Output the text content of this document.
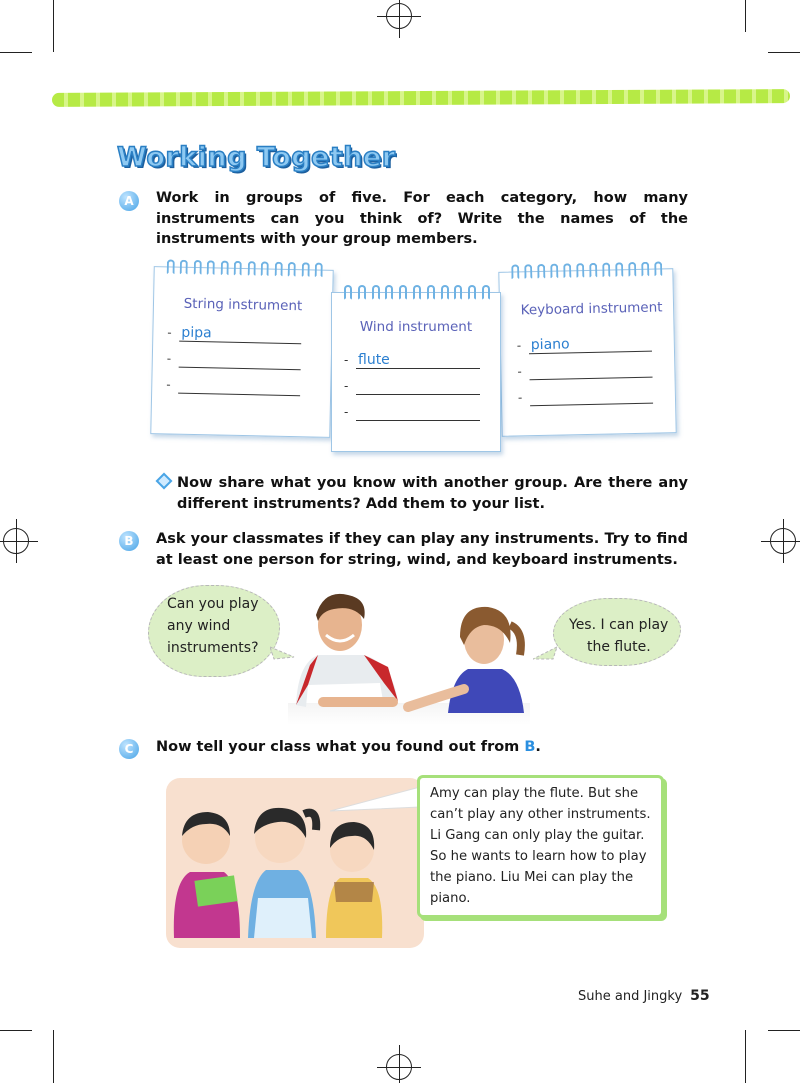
Working Together
A	Work in groups of five. For each category, how many instruments can you think of? Write the names of the instruments with your group members.
String instrument
- pipa
-
-
Keyboard instrument
- piano
-
-
Wind instrument
- flute
-
-
Now share what you know with another group. Are there any different instruments? Add them to your list.
B	Ask your classmates if they can play any instruments. Try to find at least one person for string, wind, and keyboard instruments.
Can you play
any wind
instruments?
Yes. I can play
the flute.
C	Now tell your class what you found out from B.
Amy can play the flute. But she can’t play any other instruments. Li Gang can only play the guitar. So he wants to learn how to play the piano. Liu Mei can play the piano.
Suhe and Jingky 55
